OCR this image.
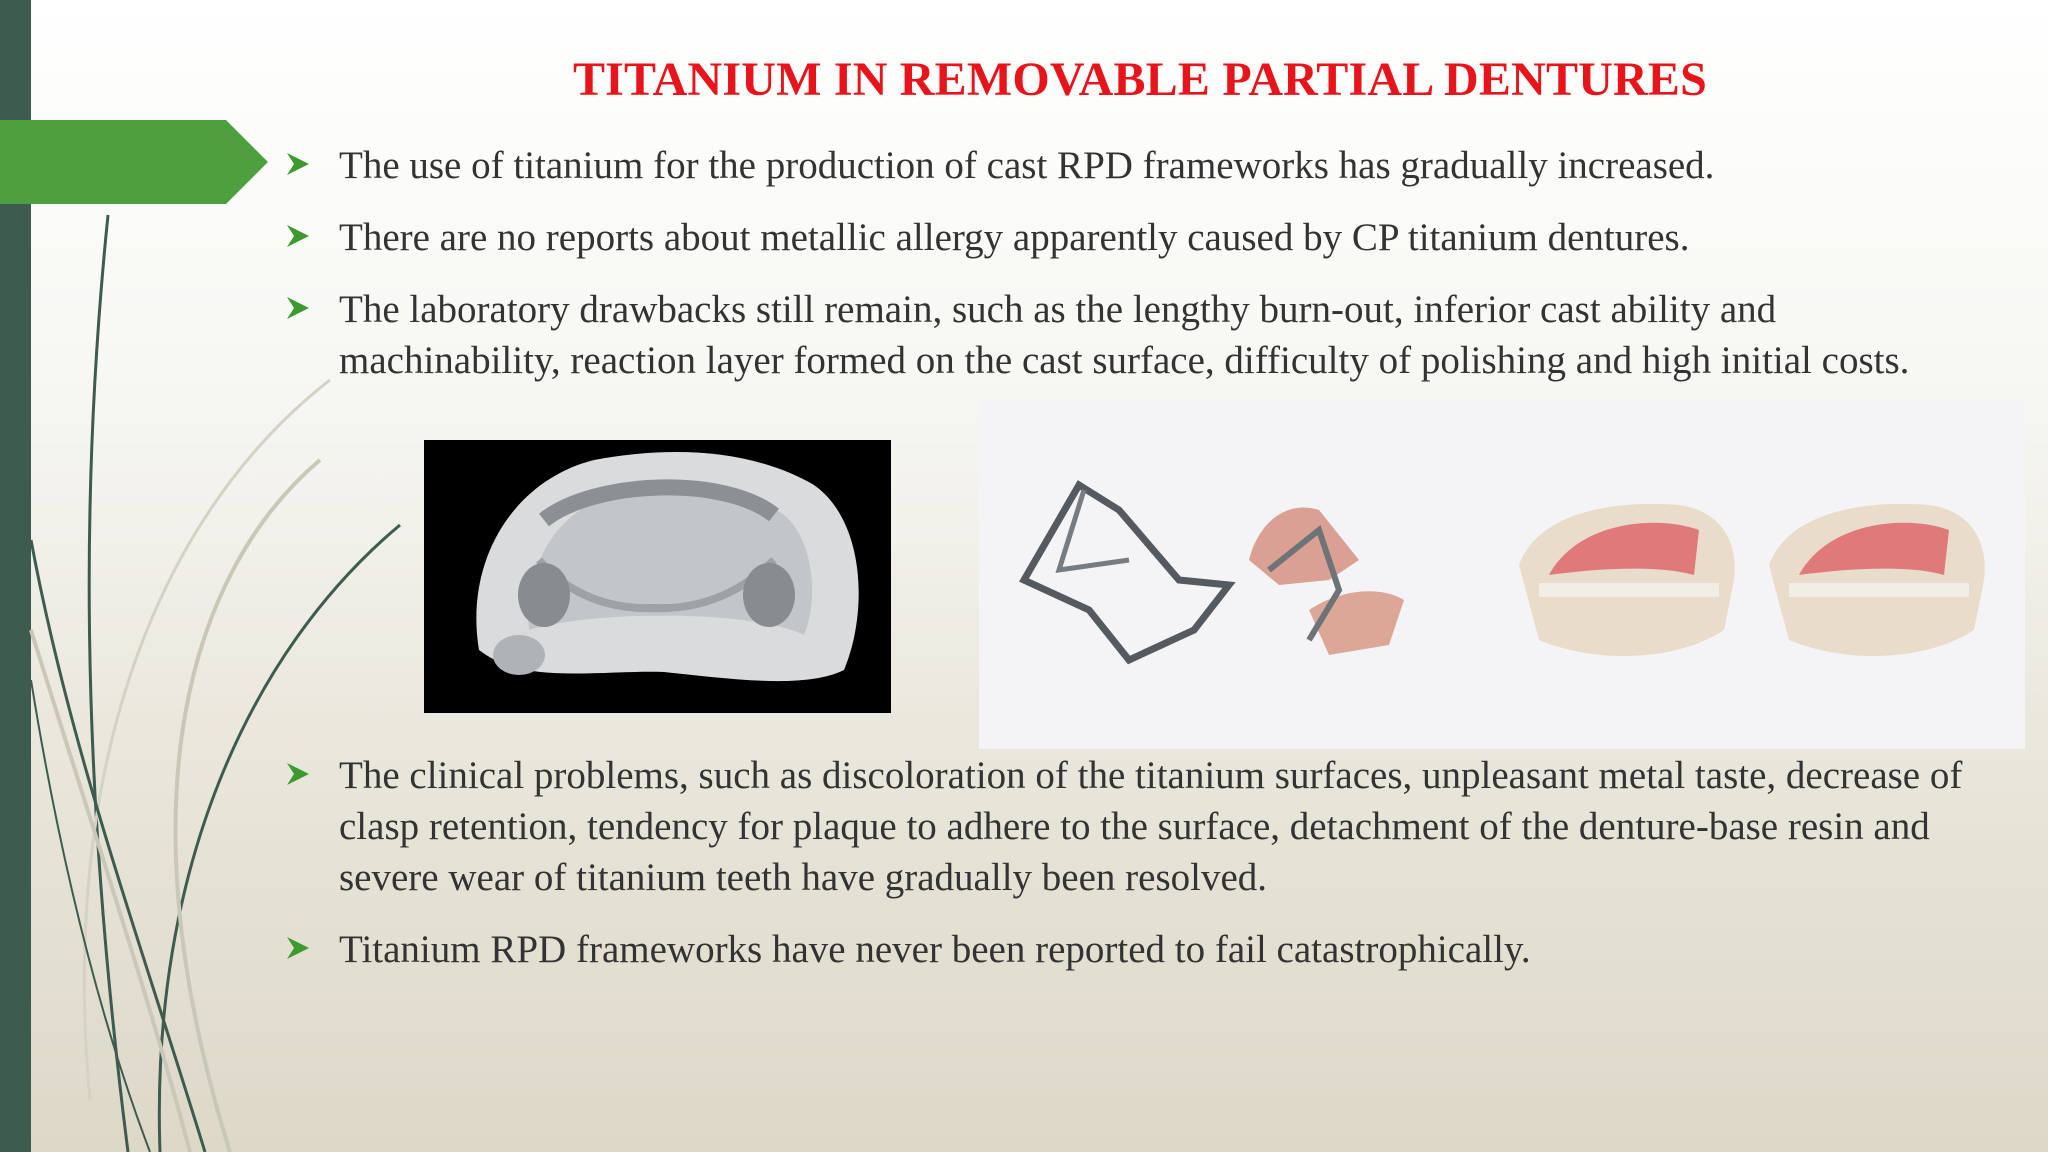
TITANIUM IN REMOVABLE PARTIAL DENTURES
The use of titanium for the production of cast RPD frameworks has gradually increased.
There are no reports about metallic allergy apparently caused by CP titanium dentures.
The laboratory drawbacks still remain, such as the lengthy burn-out, inferior cast ability and machinability, reaction layer formed on the cast surface, difficulty of polishing and high initial costs.
The clinical problems, such as discoloration of the titanium surfaces, unpleasant metal taste, decrease of clasp retention, tendency for plaque to adhere to the surface, detachment of the denture-base resin and severe wear of titanium teeth have gradually been resolved.
Titanium RPD frameworks have never been reported to fail catastrophically.
